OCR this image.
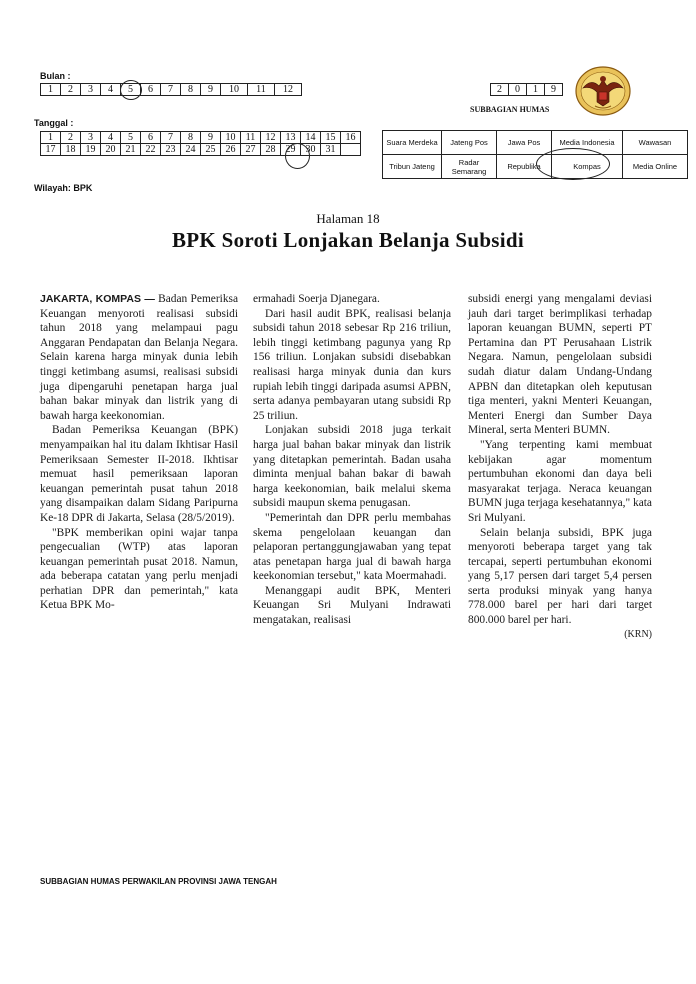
Bulan :
1	2	3	4	5	6	7	8	9	10	11	12
Tanggal :
1	2	3	4	5	6	7	8	9	10	11	12	13	14	15	16
17	18	19	20	21	22	23	24	25	26	27	28	29	30	31	
2	0	1	9
SUBBAGIAN HUMAS
Suara Merdeka	Jateng Pos	Jawa Pos	Media Indonesia	Wawasan
Tribun Jateng	Radar Semarang	Republika	Kompas	Media Online
Wilayah: BPK
Halaman 18
BPK Soroti Lonjakan Belanja Subsidi

JAKARTA, KOMPAS — Badan Pemeriksa Keuangan menyoroti realisasi subsidi tahun 2018 yang melampaui pagu Anggaran Pendapatan dan Belanja Negara. Selain karena harga minyak dunia lebih tinggi ketimbang asumsi, realisasi subsidi juga dipengaruhi penetapan harga jual bahan bakar minyak dan listrik yang di bawah harga keekonomian.

Badan Pemeriksa Keuangan (BPK) menyampaikan hal itu dalam Ikhtisar Hasil Pemeriksaan Semester II-2018. Ikhtisar memuat hasil pemeriksaan laporan keuangan pemerintah pusat tahun 2018 yang disampaikan dalam Sidang Paripurna Ke-18 DPR di Jakarta, Selasa (28/5/2019).

"BPK memberikan opini wajar tanpa pengecualian (WTP) atas laporan keuangan pemerintah pusat 2018. Namun, ada beberapa catatan yang perlu menjadi perhatian DPR dan pemerintah," kata Ketua BPK Mo-

ermahadi Soerja Djanegara.

Dari hasil audit BPK, realisasi belanja subsidi tahun 2018 sebesar Rp 216 triliun, lebih tinggi ketimbang pagunya yang Rp 156 triliun. Lonjakan subsidi disebabkan realisasi harga minyak dunia dan kurs rupiah lebih tinggi daripada asumsi APBN, serta adanya pembayaran utang subsidi Rp 25 triliun.

Lonjakan subsidi 2018 juga terkait harga jual bahan bakar minyak dan listrik yang ditetapkan pemerintah. Badan usaha diminta menjual bahan bakar di bawah harga keekonomian, baik melalui skema subsidi maupun skema penugasan.

"Pemerintah dan DPR perlu membahas skema pengelolaan keuangan dan pelaporan pertanggungjawaban yang tepat atas penetapan harga jual di bawah harga keekonomian tersebut," kata Moermahadi.

Menanggapi audit BPK, Menteri Keuangan Sri Mulyani Indrawati mengatakan, realisasi

subsidi energi yang mengalami deviasi jauh dari target berimplikasi terhadap laporan keuangan BUMN, seperti PT Pertamina dan PT Perusahaan Listrik Negara. Namun, pengelolaan subsidi sudah diatur dalam Undang-Undang APBN dan ditetapkan oleh keputusan tiga menteri, yakni Menteri Keuangan, Menteri Energi dan Sumber Daya Mineral, serta Menteri BUMN.

"Yang terpenting kami membuat kebijakan agar momentum pertumbuhan ekonomi dan daya beli masyarakat terjaga. Neraca keuangan BUMN juga terjaga kesehatannya," kata Sri Mulyani.

Selain belanja subsidi, BPK juga menyoroti beberapa target yang tak tercapai, seperti pertumbuhan ekonomi yang 5,17 persen dari target 5,4 persen serta produksi minyak yang hanya 778.000 barel per hari dari target 800.000 barel per hari.

(KRN)

SUBBAGIAN HUMAS PERWAKILAN PROVINSI JAWA TENGAH
